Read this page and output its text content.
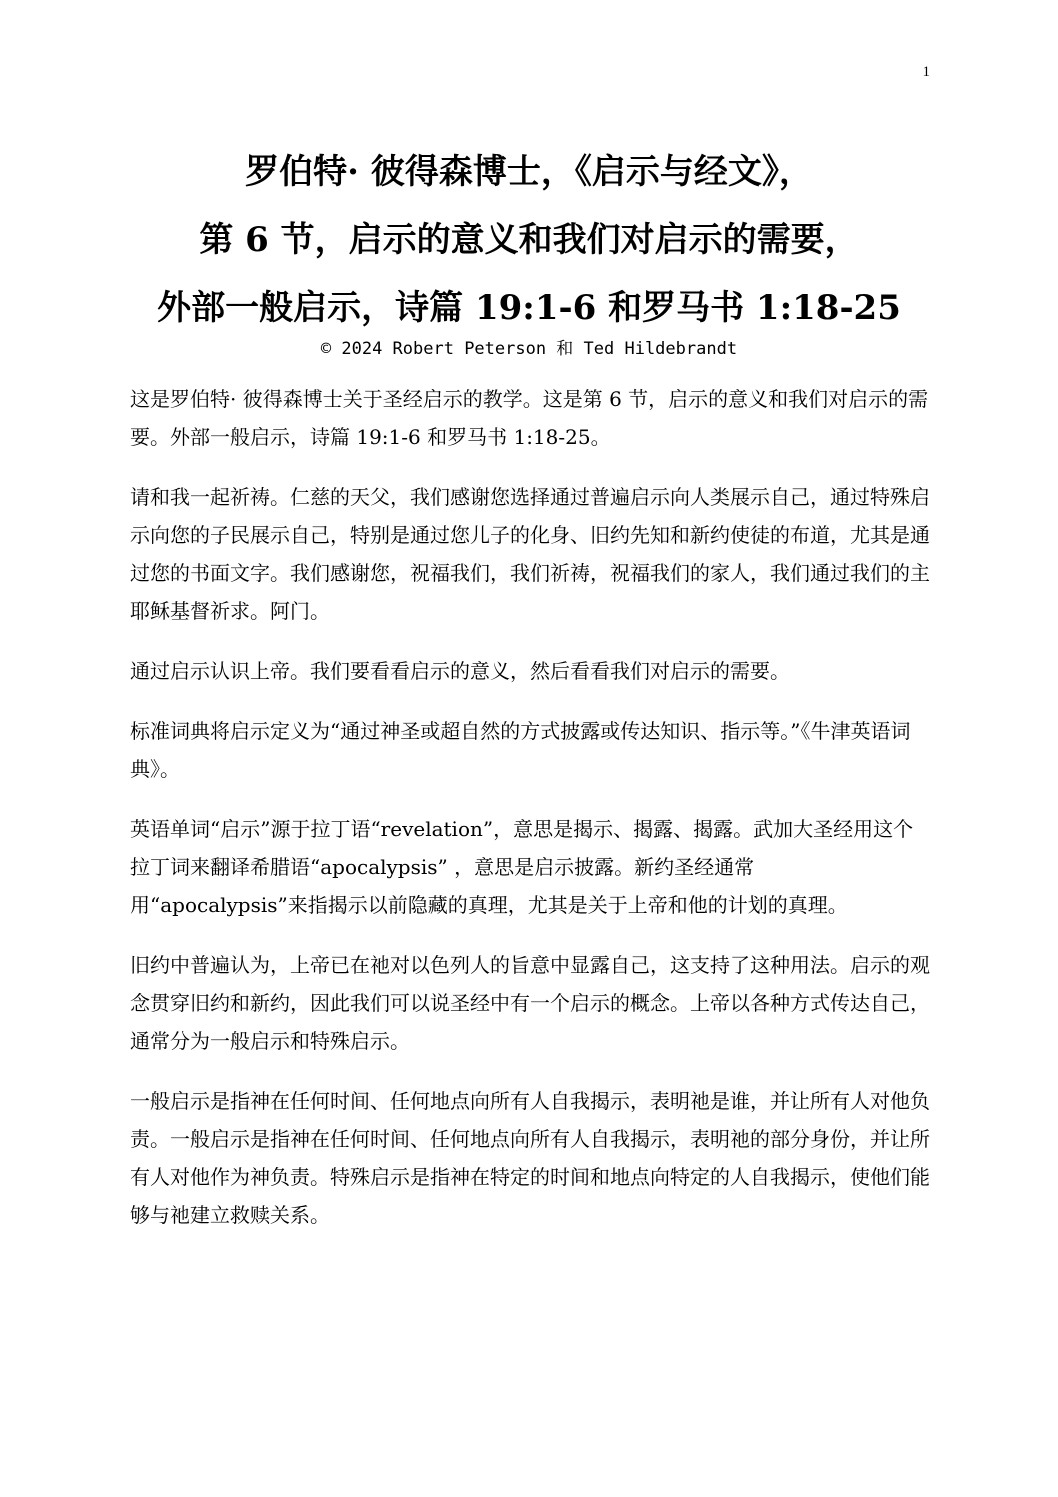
1
罗伯特· 彼得森博士，《启示与经文》，
第 6 节，启示的意义和我们对启示的需要，
外部一般启示，诗篇 19:1-6 和罗马书 1:18-25
© 2024 Robert Peterson 和 Ted Hildebrandt

这是罗伯特· 彼得森博士关于圣经启示的教学。这是第 6 节，启示的意义和我们对启示的需要。外部一般启示，诗篇 19:1-6 和罗马书 1:18-25。

请和我一起祈祷。仁慈的天父，我们感谢您选择通过普遍启示向人类展示自己，通过特殊启示向您的子民展示自己，特别是通过您儿子的化身、旧约先知和新约使徒的布道，尤其是通过您的书面文字。我们感谢您，祝福我们，我们祈祷，祝福我们的家人，我们通过我们的主耶稣基督祈求。阿门。

通过启示认识上帝。我们要看看启示的意义，然后看看我们对启示的需要。

标准词典将启示定义为“通过神圣或超自然的方式披露或传达知识、指示等。”《牛津英语词典》。

英语单词“启示”源于拉丁语“revelation”，意思是揭示、揭露、揭露。武加大圣经用这个拉丁词来翻译希腊语“apocalypsis” ，意思是启示披露。新约圣经通常用“apocalypsis”来指揭示以前隐藏的真理，尤其是关于上帝和他的计划的真理。

旧约中普遍认为，上帝已在祂对以色列人的旨意中显露自己，这支持了这种用法。启示的观念贯穿旧约和新约，因此我们可以说圣经中有一个启示的概念。上帝以各种方式传达自己，通常分为一般启示和特殊启示。

一般启示是指神在任何时间、任何地点向所有人自我揭示，表明祂是谁，并让所有人对他负责。一般启示是指神在任何时间、任何地点向所有人自我揭示，表明祂的部分身份，并让所有人对他作为神负责。特殊启示是指神在特定的时间和地点向特定的人自我揭示，使他们能够与祂建立救赎关系。
